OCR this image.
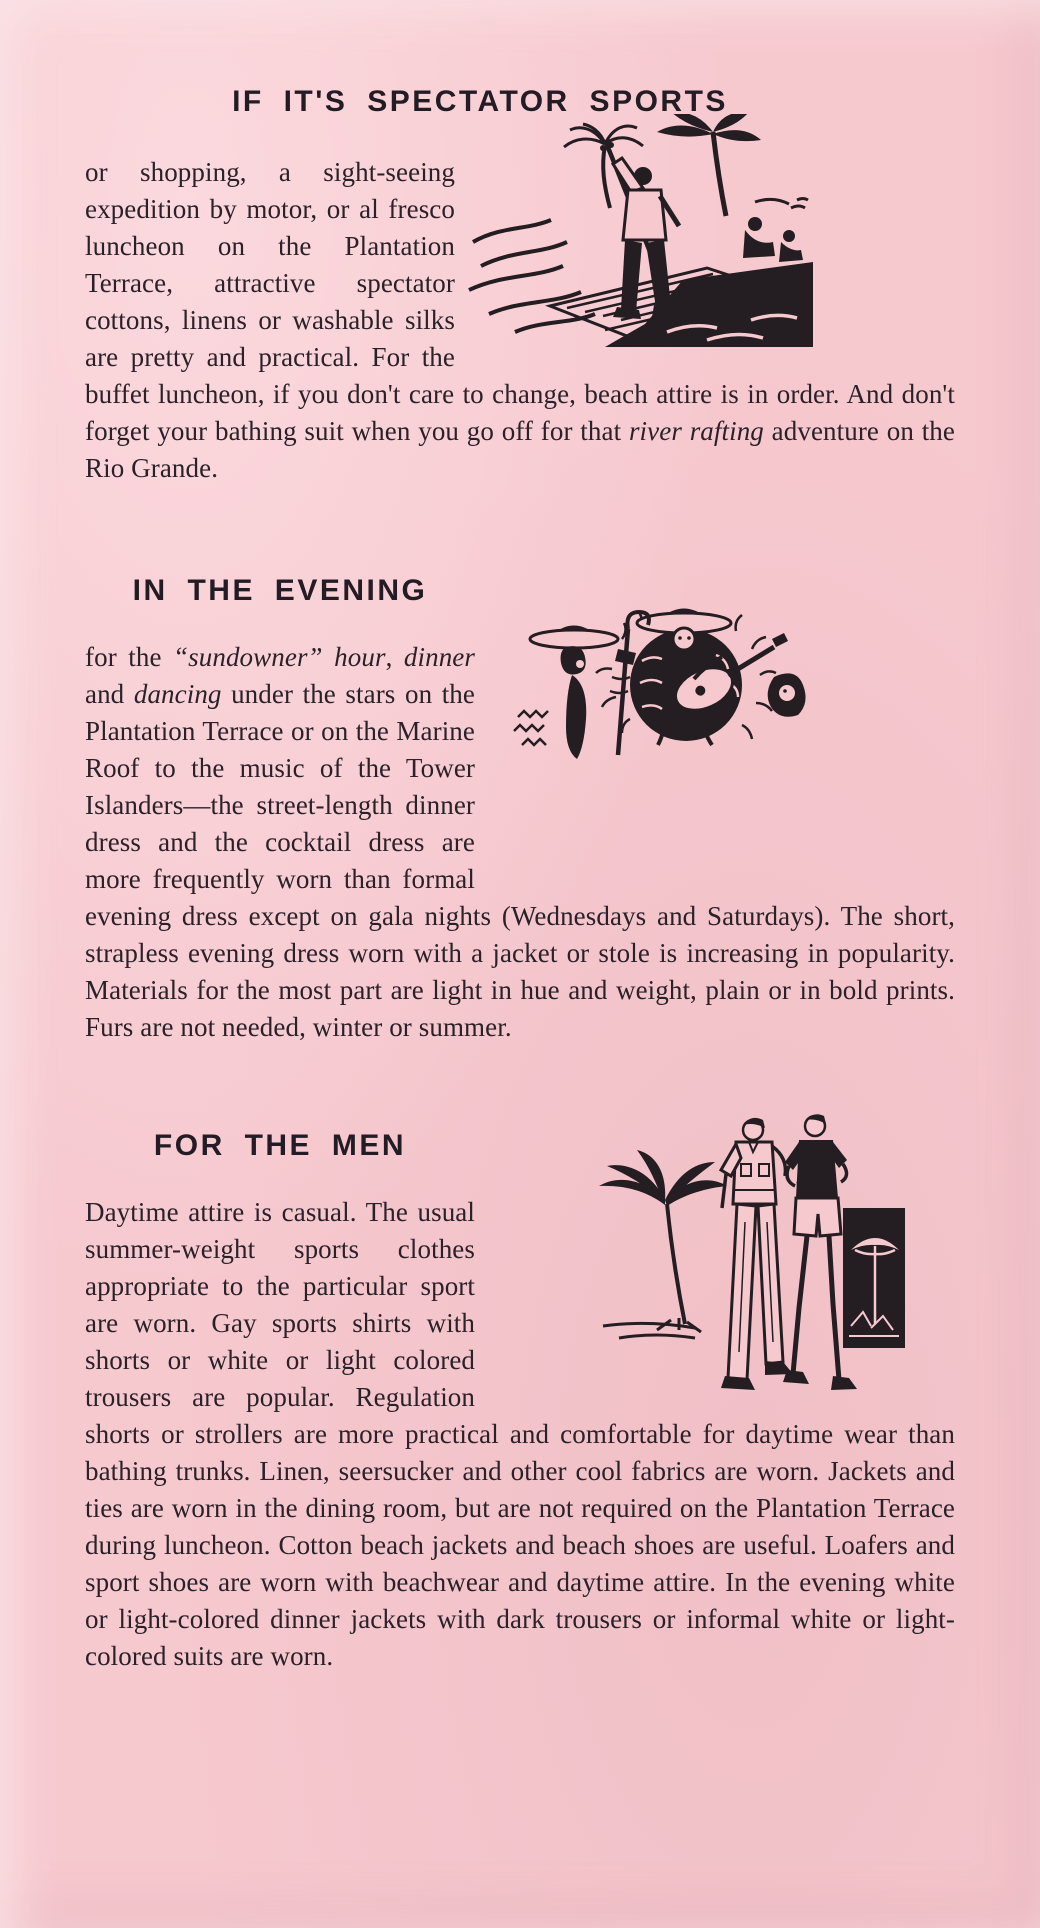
IF IT'S SPECTATOR SPORTS

or shopping, a sight-seeing expedition by motor, or al fresco luncheon on the Plantation Terrace, attractive spectator cottons, linens or washable silks are pretty and practical. For the buffet luncheon, if you don't care to change, beach attire is in order. And don't forget your bathing suit when you go off for that river rafting adventure on the Rio Grande.

IN THE EVENING

for the “sundowner” hour, dinner and dancing under the stars on the Plantation Terrace or on the Marine Roof to the music of the Tower Islanders—the street-length dinner dress and the cocktail dress are more frequently worn than formal evening dress except on gala nights (Wednesdays and Saturdays). The short, strapless evening dress worn with a jacket or stole is increasing in popularity. Materials for the most part are light in hue and weight, plain or in bold prints. Furs are not needed, winter or summer.

FOR THE MEN

Daytime attire is casual. The usual summer-weight sports clothes appropriate to the particular sport are worn. Gay sports shirts with shorts or white or light colored trousers are popular. Regulation shorts or strollers are more practical and comfortable for daytime wear than bathing trunks. Linen, seersucker and other cool fabrics are worn. Jackets and ties are worn in the dining room, but are not required on the Plantation Terrace during luncheon. Cotton beach jackets and beach shoes are useful. Loafers and sport shoes are worn with beachwear and daytime attire. In the evening white or light-colored dinner jackets with dark trousers or informal white or light-colored suits are worn.
